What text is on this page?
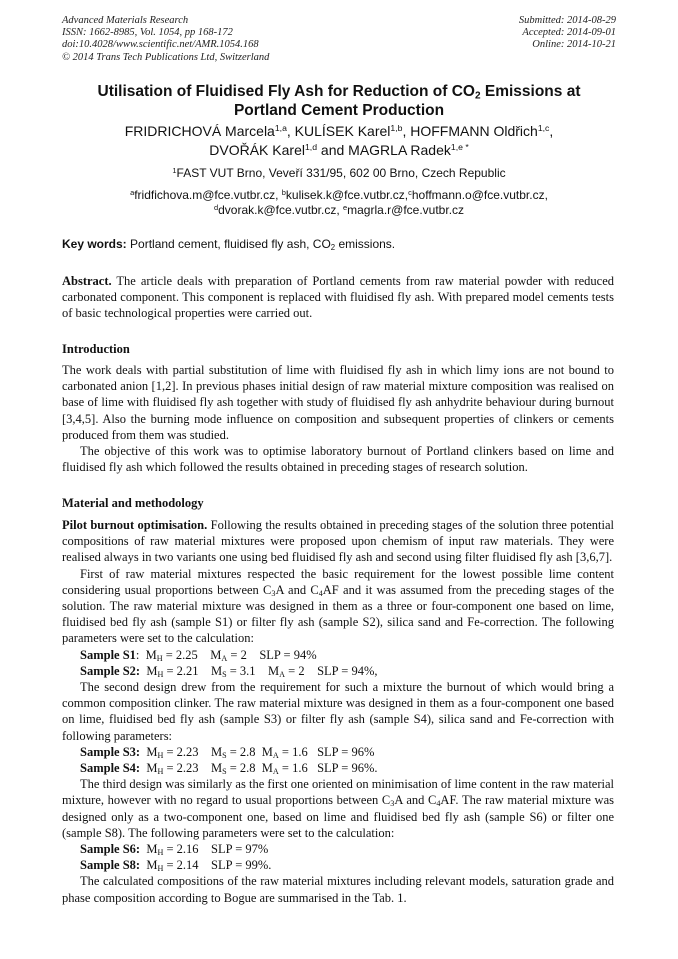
Advanced Materials Research
ISSN: 1662-8985, Vol. 1054, pp 168-172
doi:10.4028/www.scientific.net/AMR.1054.168
© 2014 Trans Tech Publications Ltd, Switzerland
Submitted: 2014-08-29
Accepted: 2014-09-01
Online: 2014-10-21
Utilisation of Fluidised Fly Ash for Reduction of $CO_2$ Emissions at
Portland Cement Production
FRIDRICHOVÁ Marcela$^{1,a}$, KULÍSEK Karel$^{1,b}$, HOFFMANN Oldřich$^{1,c}$,
DVOŘÁK Karel$^{1,d}$ and MAGRLA Radek$^{1,e *}$
$^1$FAST VUT Brno, Veveří 331/95, 602 00 Brno, Czech Republic
$^a$fridfichova.m@fce.vutbr.cz, $^b$kulisek.k@fce.vutbr.cz,$^c$hoffmann.o@fce.vutbr.cz,
$^d$dvorak.k@fce.vutbr.cz, $^e$magrla.r@fce.vutbr.cz
Key words: Portland cement, fluidised fly ash, $CO_2$ emissions.

Abstract. The article deals with preparation of Portland cements from raw material powder with reduced carbonated component. This component is replaced with fluidised fly ash. With prepared model cements tests of basic technological properties were carried out.

Introduction

The work deals with partial substitution of lime with fluidised fly ash in which limy ions are not bound to carbonated anion [1,2]. In previous phases initial design of raw material mixture composition was realised on base of lime with fluidised fly ash together with study of fluidised fly ash anhydrite behaviour during burnout [3,4,5]. Also the burning mode influence on composition and subsequent properties of clinkers or cements produced from them was studied.

The objective of this work was to optimise laboratory burnout of Portland clinkers based on lime and fluidised fly ash which followed the results obtained in preceding stages of research solution.

Material and methodology

Pilot burnout optimisation. Following the results obtained in preceding stages of the solution three potential compositions of raw material mixtures were proposed upon chemism of input raw materials. They were realised always in two variants one using bed fluidised fly ash and second using filter fluidised fly ash [3,6,7].

First of raw material mixtures respected the basic requirement for the lowest possible lime content considering usual proportions between $C_3A$ and $C_4AF$ and it was assumed from the preceding stages of the solution. The raw material mixture was designed in them as a three or four-component one based on lime, fluidised bed fly ash (sample S1) or filter fly ash (sample S2), silica sand and Fe-correction. The following parameters were set to the calculation:

Sample S1:  $M_H = 2.25$    $M_A = 2$    SLP = 94%

Sample S2:  $M_H = 2.21$    $M_S = 3.1$    $M_A = 2$    SLP = 94%,

The second design drew from the requirement for such a mixture the burnout of which would bring a common composition clinker. The raw material mixture was designed in them as a four-component one based on lime, fluidised bed fly ash (sample S3) or filter fly ash (sample S4), silica sand and Fe-correction with following parameters:

Sample S3:  $M_H = 2.23$    $M_S = 2.8$  $M_A = 1.6$   SLP = 96%

Sample S4:  $M_H = 2.23$    $M_S = 2.8$  $M_A = 1.6$   SLP = 96%.

The third design was similarly as the first one oriented on minimisation of lime content in the raw material mixture, however with no regard to usual proportions between $C_3A$ and $C_4AF$. The raw material mixture was designed only as a two-component one, based on lime and fluidised bed fly ash (sample S6) or filter one (sample S8). The following parameters were set to the calculation:

Sample S6:  $M_H = 2.16$    SLP = 97%

Sample S8:  $M_H = 2.14$    SLP = 99%.

The calculated compositions of the raw material mixtures including relevant models, saturation grade and phase composition according to Bogue are summarised in the Tab. 1.
